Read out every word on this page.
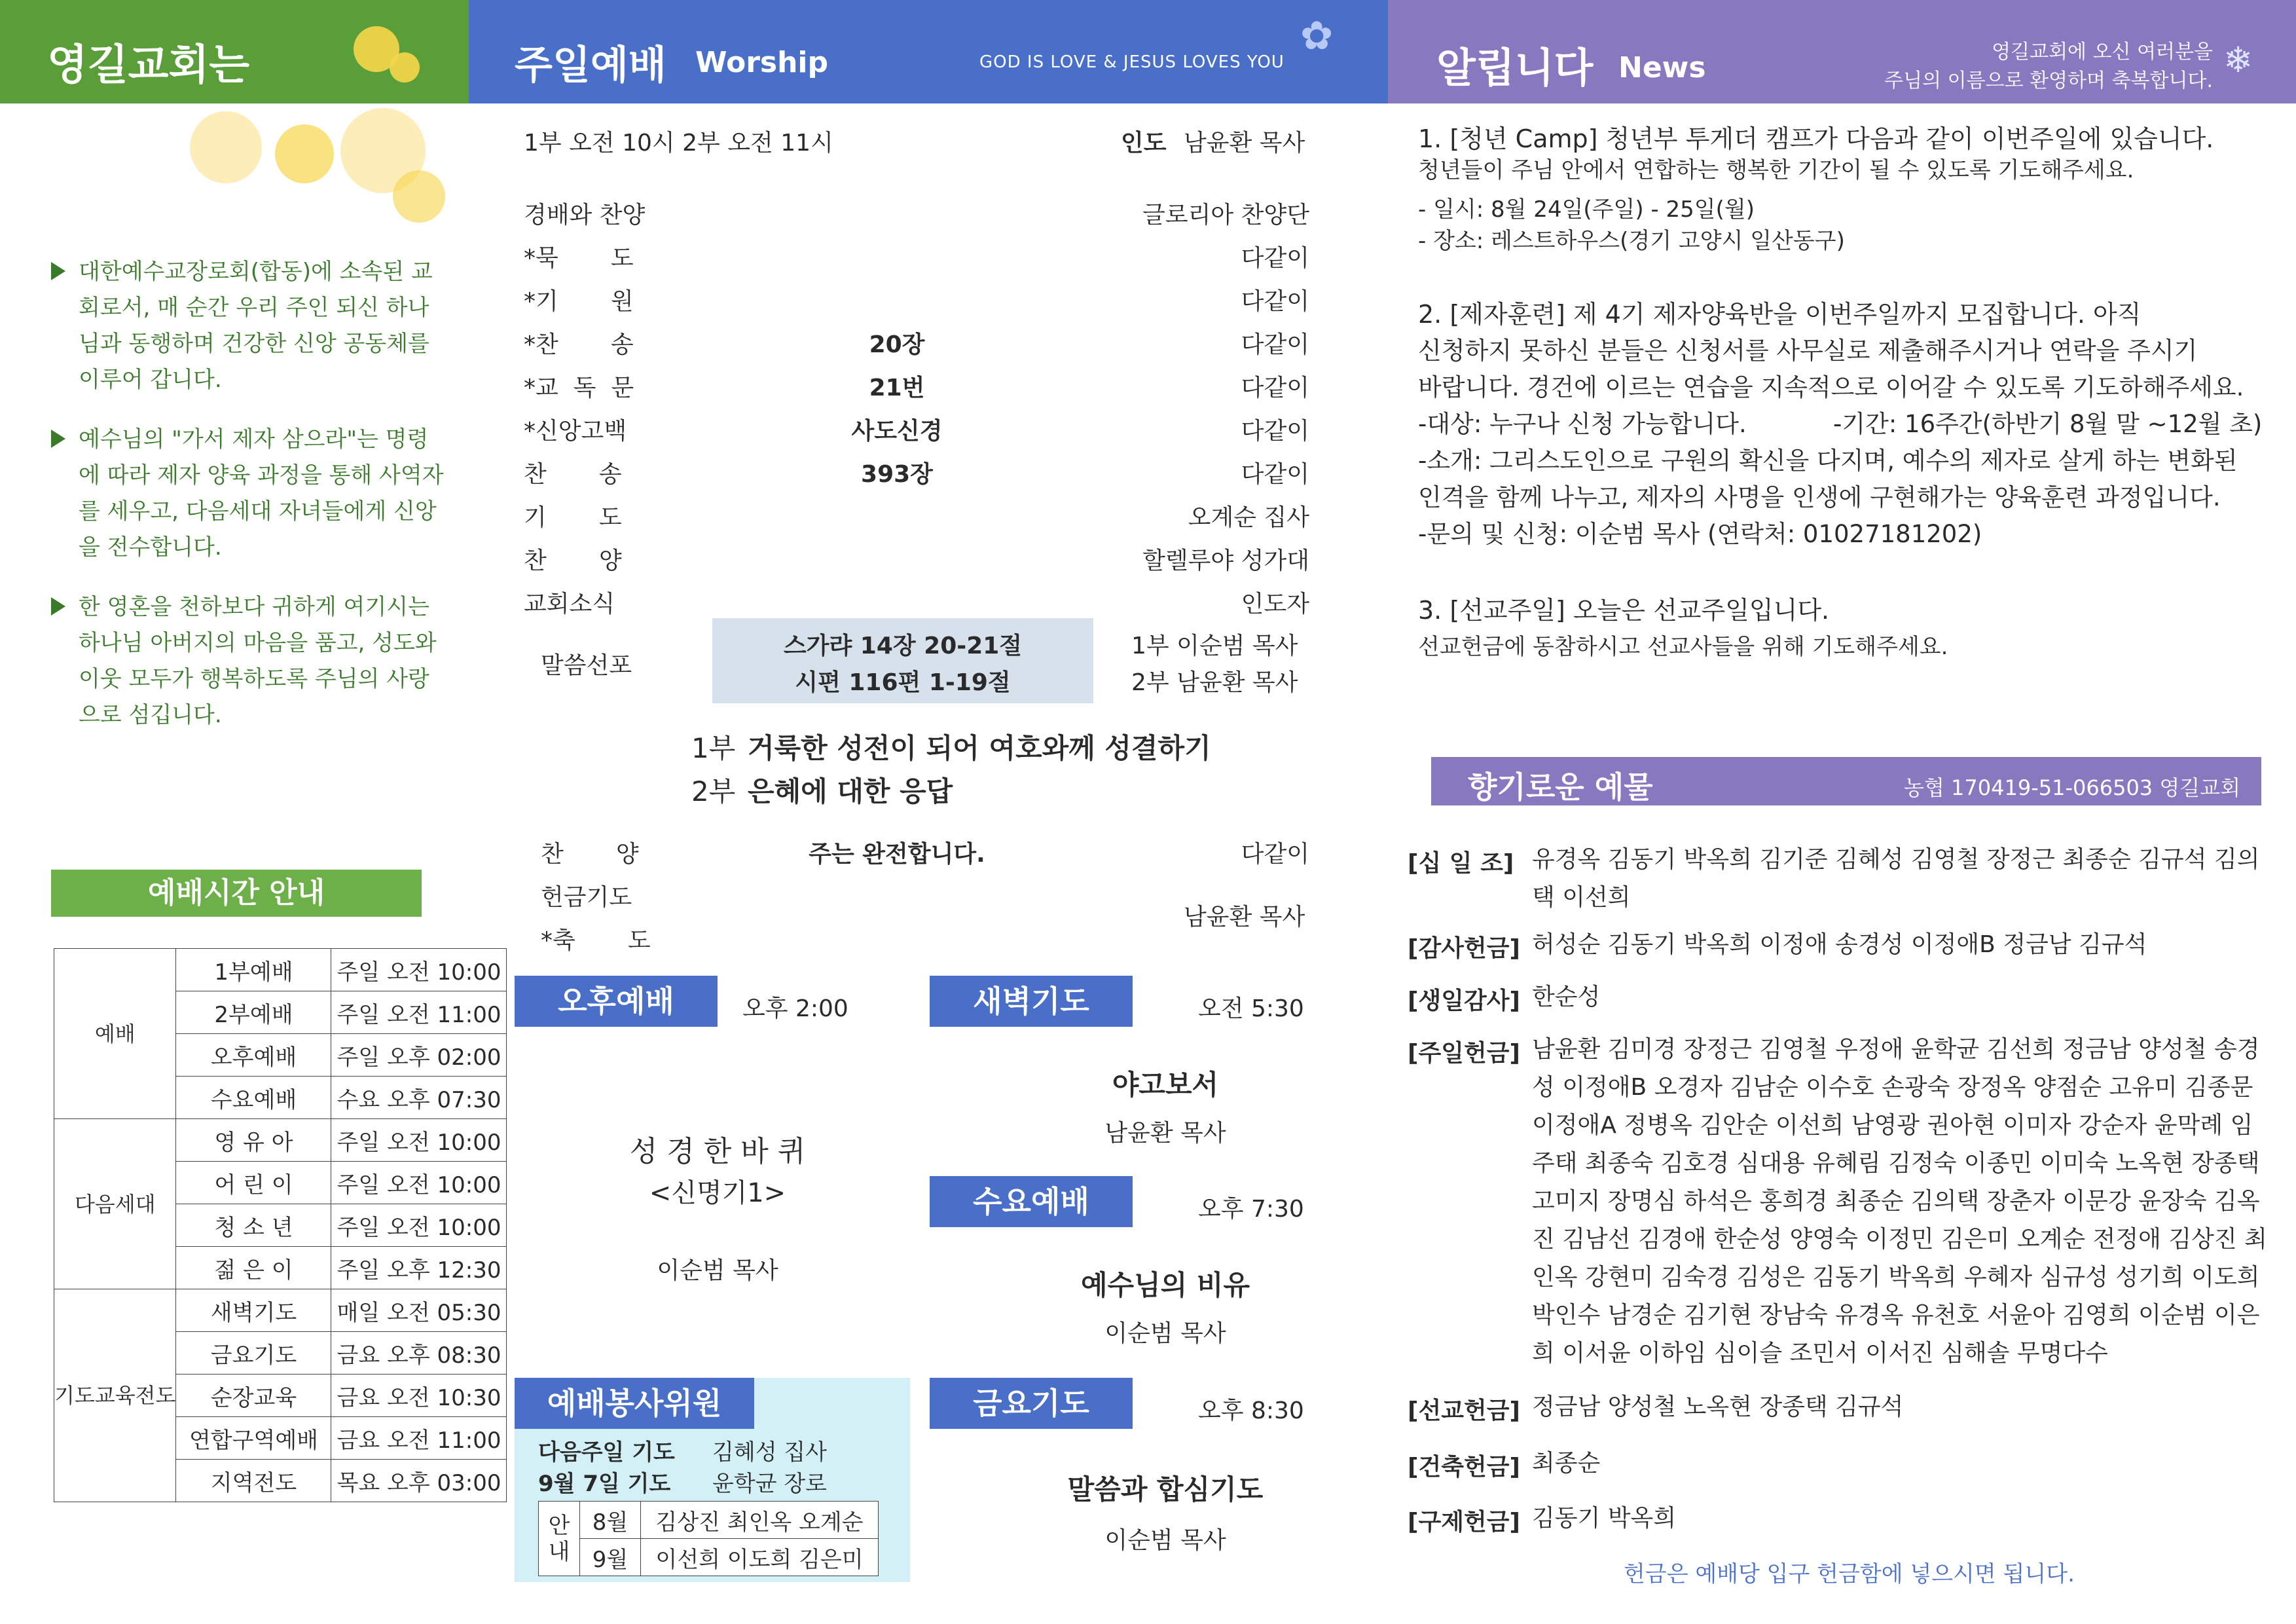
영길교회는	주일예배 Worship	GOD IS LOVE & JESUS LOVES YOU
✿
알립니다 News	영길교회에 오신 여러분을
주님의 이름으로 환영하며 축복합니다.
❄
대한예수교장로회(합동)에 소속된 교회로서, 매 순간 우리 주인 되신 하나님과 동행하며 건강한 신앙 공동체를 이루어 갑니다.
예수님의 "가서 제자 삼으라"는 명령에 따라 제자 양육 과정을 통해 사역자를 세우고, 다음세대 자녀들에게 신앙을 전수합니다.
한 영혼을 천하보다 귀하게 여기시는 하나님 아버지의 마음을 품고, 성도와 이웃 모두가 행복하도록 주님의 사랑으로 섬깁니다.
예배시간 안내
예배	1부예배	주일 오전 10:00
	2부예배	주일 오전 11:00
	오후예배	주일 오후 02:00
	수요예배	수요 오후 07:30
다음세대	영 유 아	주일 오전 10:00
	어 린 이	주일 오전 10:00
	청 소 년	주일 오전 10:00
	젊 은 이	주일 오후 12:30
기도교육전도	새벽기도	매일 오전 05:30
	금요기도	금요 오후 08:30
	순장교육	금요 오전 10:30
	연합구역예배	금요 오전 11:00
	지역전도	목요 오후 03:00
1부 오전 10시 2부 오전 11시	인도 남윤환 목사
경배와 찬양	글로리아 찬양단
*묵       도	다같이
*기       원	다같이
*찬       송	20장	다같이
*교  독  문	21번	다같이
*신앙고백	사도신경	다같이
찬       송	393장	다같이
기       도	오계순 집사
찬       양	할렐루야 성가대
교회소식	인도자
말씀선포
스가랴 14장 20-21절
시편 116편 1-19절
1부 이순범 목사
2부 남윤환 목사
1부 거룩한 성전이 되어 여호와께 성결하기
2부 은혜에 대한 응답
찬       양	주는 완전합니다.	다같이
헌금기도
*축       도
남윤환 목사
오후예배	오후 2:00
성 경 한 바 퀴
<신명기1>
이순범 목사
새벽기도	오전 5:30
야고보서
남윤환 목사
수요예배	오후 7:30
예수님의 비유
이순범 목사
예배봉사위원
다음주일 기도 김혜성 집사
9월 7일 기도 윤학균 장로
안내	8월	김상진 최인옥 오계순
	9월	이선희 이도희 김은미
금요기도	오후 8:30
말씀과 합심기도
이순범 목사
1. [청년 Camp] 청년부 투게더 캠프가 다음과 같이 이번주일에 있습니다.
청년들이 주님 안에서 연합하는 행복한 기간이 될 수 있도록 기도해주세요.
- 일시: 8월 24일(주일) - 25일(월)
- 장소: 레스트하우스(경기 고양시 일산동구)
2. [제자훈련] 제 4기 제자양육반을 이번주일까지 모집합니다. 아직
신청하지 못하신 분들은 신청서를 사무실로 제출해주시거나 연락을 주시기
바랍니다. 경건에 이르는 연습을 지속적으로 이어갈 수 있도록 기도하해주세요.
-대상: 누구나 신청 가능합니다.	-기간: 16주간(하반기 8월 말 ~12월 초)
-소개: 그리스도인으로 구원의 확신을 다지며, 예수의 제자로 살게 하는 변화된
인격을 함께 나누고, 제자의 사명을 인생에 구현해가는 양육훈련 과정입니다.
-문의 및 신청: 이순범 목사 (연락처: 01027181202)
3. [선교주일] 오늘은 선교주일입니다.
선교헌금에 동참하시고 선교사들을 위해 기도해주세요.
향기로운 예물	농협 170419-51-066503 영길교회
[십 일 조] 유경옥 김동기 박옥희 김기준 김혜성 김영철 장정근 최종순 김규석 김의택 이선희
[감사헌금] 허성순 김동기 박옥희 이정애 송경성 이정애B 정금남 김규석
[생일감사] 한순성
[주일헌금] 남윤환 김미경 장정근 김영철 우정애 윤학균 김선희 정금남 양성철 송경성 이정애B 오경자 김남순 이수호 손광숙 장정옥 양점순 고유미 김종문 이정애A 정병옥 김안순 이선희 남영광 권아현 이미자 강순자 윤막례 임주태 최종숙 김호경 심대용 유혜림 김정숙 이종민 이미숙 노옥현 장종택 고미지 장명심 하석은 홍희경 최종순 김의택 장춘자 이문강 윤장숙 김옥진 김남선 김경애 한순성 양영숙 이정민 김은미 오계순 전정애 김상진 최인옥 강현미 김숙경 김성은 김동기 박옥희 우혜자 심규성 성기희 이도희 박인수 남경순 김기현 장남숙 유경옥 유천호 서윤아 김영희 이순범 이은희 이서윤 이하임 심이슬 조민서 이서진 심해솔 무명다수
[선교헌금] 정금남 양성철 노옥현 장종택 김규석
[건축헌금] 최종순
[구제헌금] 김동기 박옥희
헌금은 예배당 입구 헌금함에 넣으시면 됩니다.
